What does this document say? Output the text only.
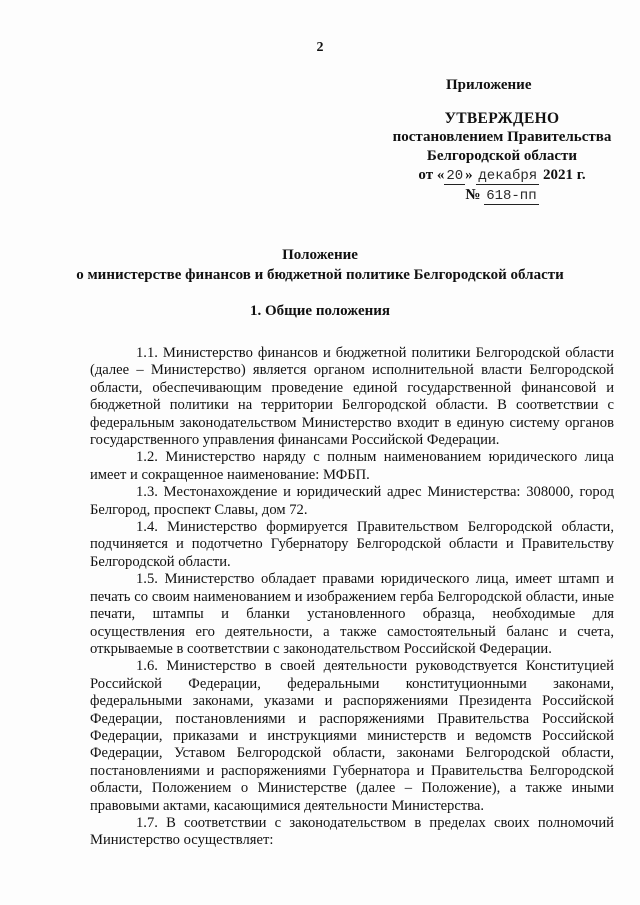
2
Приложение
УТВЕРЖДЕНО
постановлением Правительства
Белгородской области
от « 20 » декабря 2021 г.
№ 618-пп
Положение
о министерстве финансов и бюджетной политике Белгородской области
1. Общие положения

1.1. Министерство финансов и бюджетной политики Белгородской области (далее – Министерство) является органом исполнительной власти Белгородской области, обеспечивающим проведение единой государственной финансовой и бюджетной политики на территории Белгородской области. В соответствии с федеральным законодательством Министерство входит в единую систему органов государственного управления финансами Российской Федерации.

1.2. Министерство наряду с полным наименованием юридического лица имеет и сокращенное наименование: МФБП.

1.3. Местонахождение и юридический адрес Министерства: 308000, город Белгород, проспект Славы, дом 72.

1.4. Министерство формируется Правительством Белгородской области, подчиняется и подотчетно Губернатору Белгородской области и Правительству Белгородской области.

1.5. Министерство обладает правами юридического лица, имеет штамп и печать со своим наименованием и изображением герба Белгородской области, иные печати, штампы и бланки установленного образца, необходимые для осуществления его деятельности, а также самостоятельный баланс и счета, открываемые в соответствии с законодательством Российской Федерации.

1.6. Министерство в своей деятельности руководствуется Конституцией Российской Федерации, федеральными конституционными законами, федеральными законами, указами и распоряжениями Президента Российской Федерации, постановлениями и распоряжениями Правительства Российской Федерации, приказами и инструкциями министерств и ведомств Российской Федерации, Уставом Белгородской области, законами Белгородской области, постановлениями и распоряжениями Губернатора и Правительства Белгородской области, Положением о Министерстве (далее – Положение), а также иными правовыми актами, касающимися деятельности Министерства.

1.7. В соответствии с законодательством в пределах своих полномочий Министерство осуществляет:
